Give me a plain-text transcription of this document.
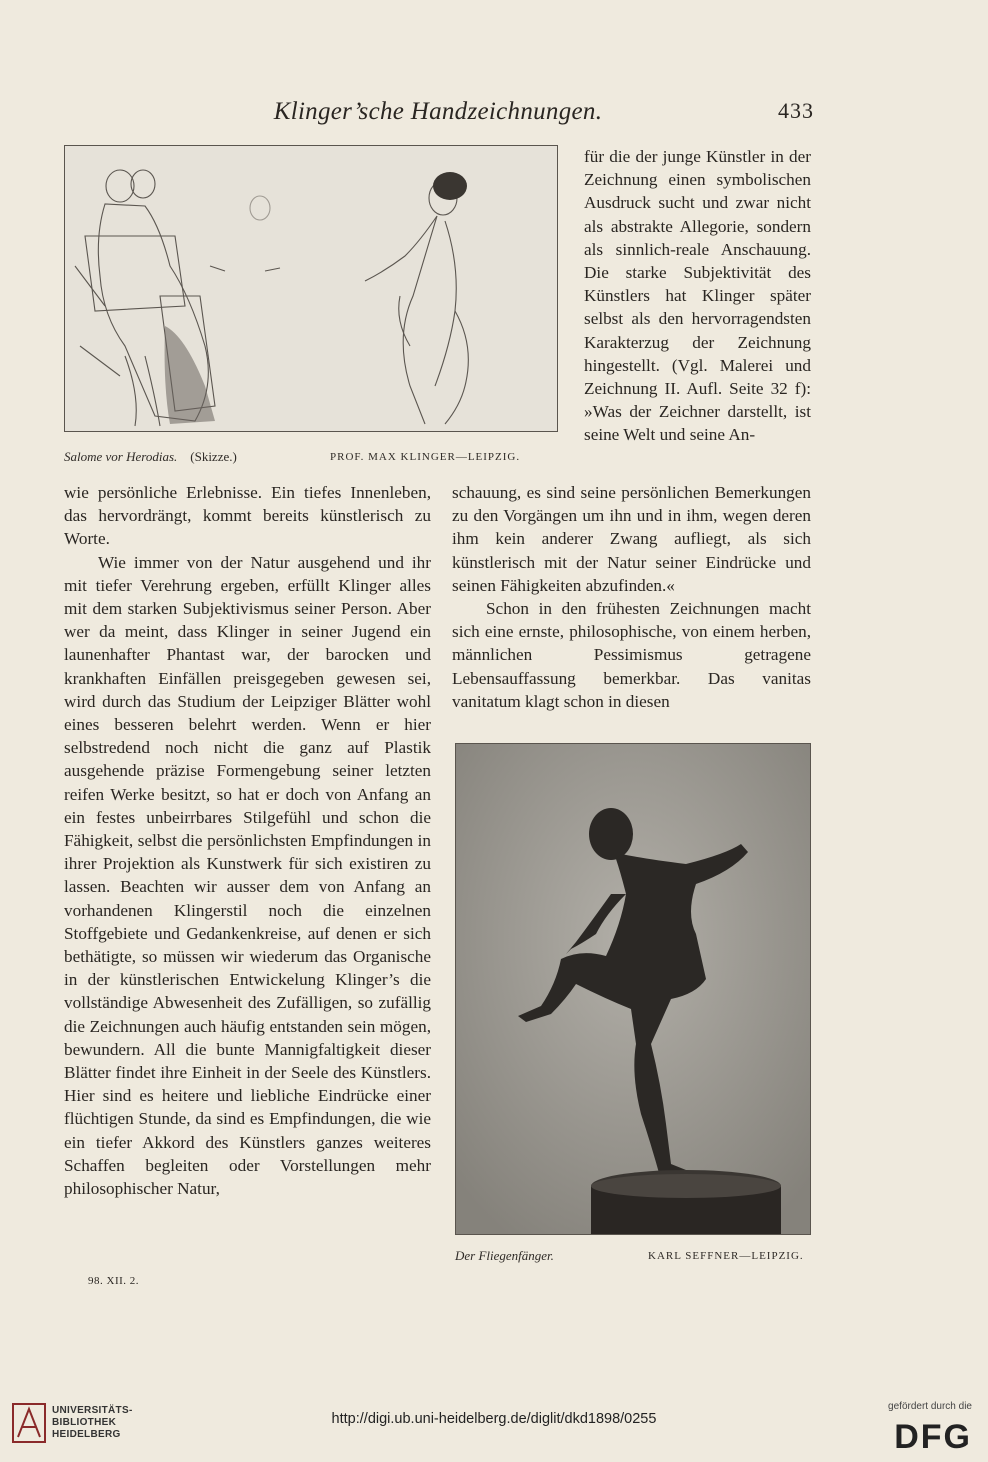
Klinger’sche Handzeichnungen.	433
Salome vor Herodias. (Skizze.)	PROF. MAX KLINGER—LEIPZIG.

für die der junge Künstler in der Zeichnung einen symbolischen Ausdruck sucht und zwar nicht als abstrakte Allegorie, sondern als sinnlich-reale Anschauung. Die starke Subjektivität des Künstlers hat Klinger später selbst als den hervorragendsten Karakterzug der Zeichnung hingestellt. (Vgl. Malerei und Zeichnung II. Aufl. Seite 32 f): »Was der Zeichner darstellt, ist seine Welt und seine An-

wie persönliche Erlebnisse. Ein tiefes Innenleben, das hervordrängt, kommt bereits künstlerisch zu Worte.

Wie immer von der Natur ausgehend und ihr mit tiefer Verehrung ergeben, erfüllt Klinger alles mit dem starken Subjektivismus seiner Person. Aber wer da meint, dass Klinger in seiner Jugend ein launenhafter Phantast war, der barocken und krankhaften Einfällen preisgegeben gewesen sei, wird durch das Studium der Leipziger Blätter wohl eines besseren belehrt werden. Wenn er hier selbstredend noch nicht die ganz auf Plastik ausgehende präzise Formengebung seiner letzten reifen Werke besitzt, so hat er doch von Anfang an ein festes unbeirrbares Stilgefühl und schon die Fähigkeit, selbst die persönlichsten Empfindungen in ihrer Projektion als Kunstwerk für sich existiren zu lassen. Beachten wir ausser dem von Anfang an vorhandenen Klingerstil noch die einzelnen Stoffgebiete und Gedankenkreise, auf denen er sich bethätigte, so müssen wir wiederum das Organische in der künstlerischen Entwickelung Klinger’s die vollständige Abwesenheit des Zufälligen, so zufällig die Zeichnungen auch häufig entstanden sein mögen, bewundern. All die bunte Mannigfaltigkeit dieser Blätter findet ihre Einheit in der Seele des Künstlers. Hier sind es heitere und liebliche Eindrücke einer flüchtigen Stunde, da sind es Empfindungen, die wie ein tiefer Akkord des Künstlers ganzes weiteres Schaffen begleiten oder Vorstellungen mehr philosophischer Natur,

schauung, es sind seine persönlichen Bemerkungen zu den Vorgängen um ihn und in ihm, wegen deren ihm kein anderer Zwang aufliegt, als sich künstlerisch mit der Natur seiner Eindrücke und seinen Fähigkeiten abzufinden.«

Schon in den frühesten Zeichnungen macht sich eine ernste, philosophische, von einem herben, männlichen Pessimismus getragene Lebensauffassung bemerkbar. Das vanitas vanitatum klagt schon in diesen

Der Fliegenfänger.	KARL SEFFNER—LEIPZIG.
98. XII. 2.
UNIVERSITÄTS-
BIBLIOTHEK
HEIDELBERG
http://digi.ub.uni-heidelberg.de/diglit/dkd1898/0255
gefördert durch die
DFG
